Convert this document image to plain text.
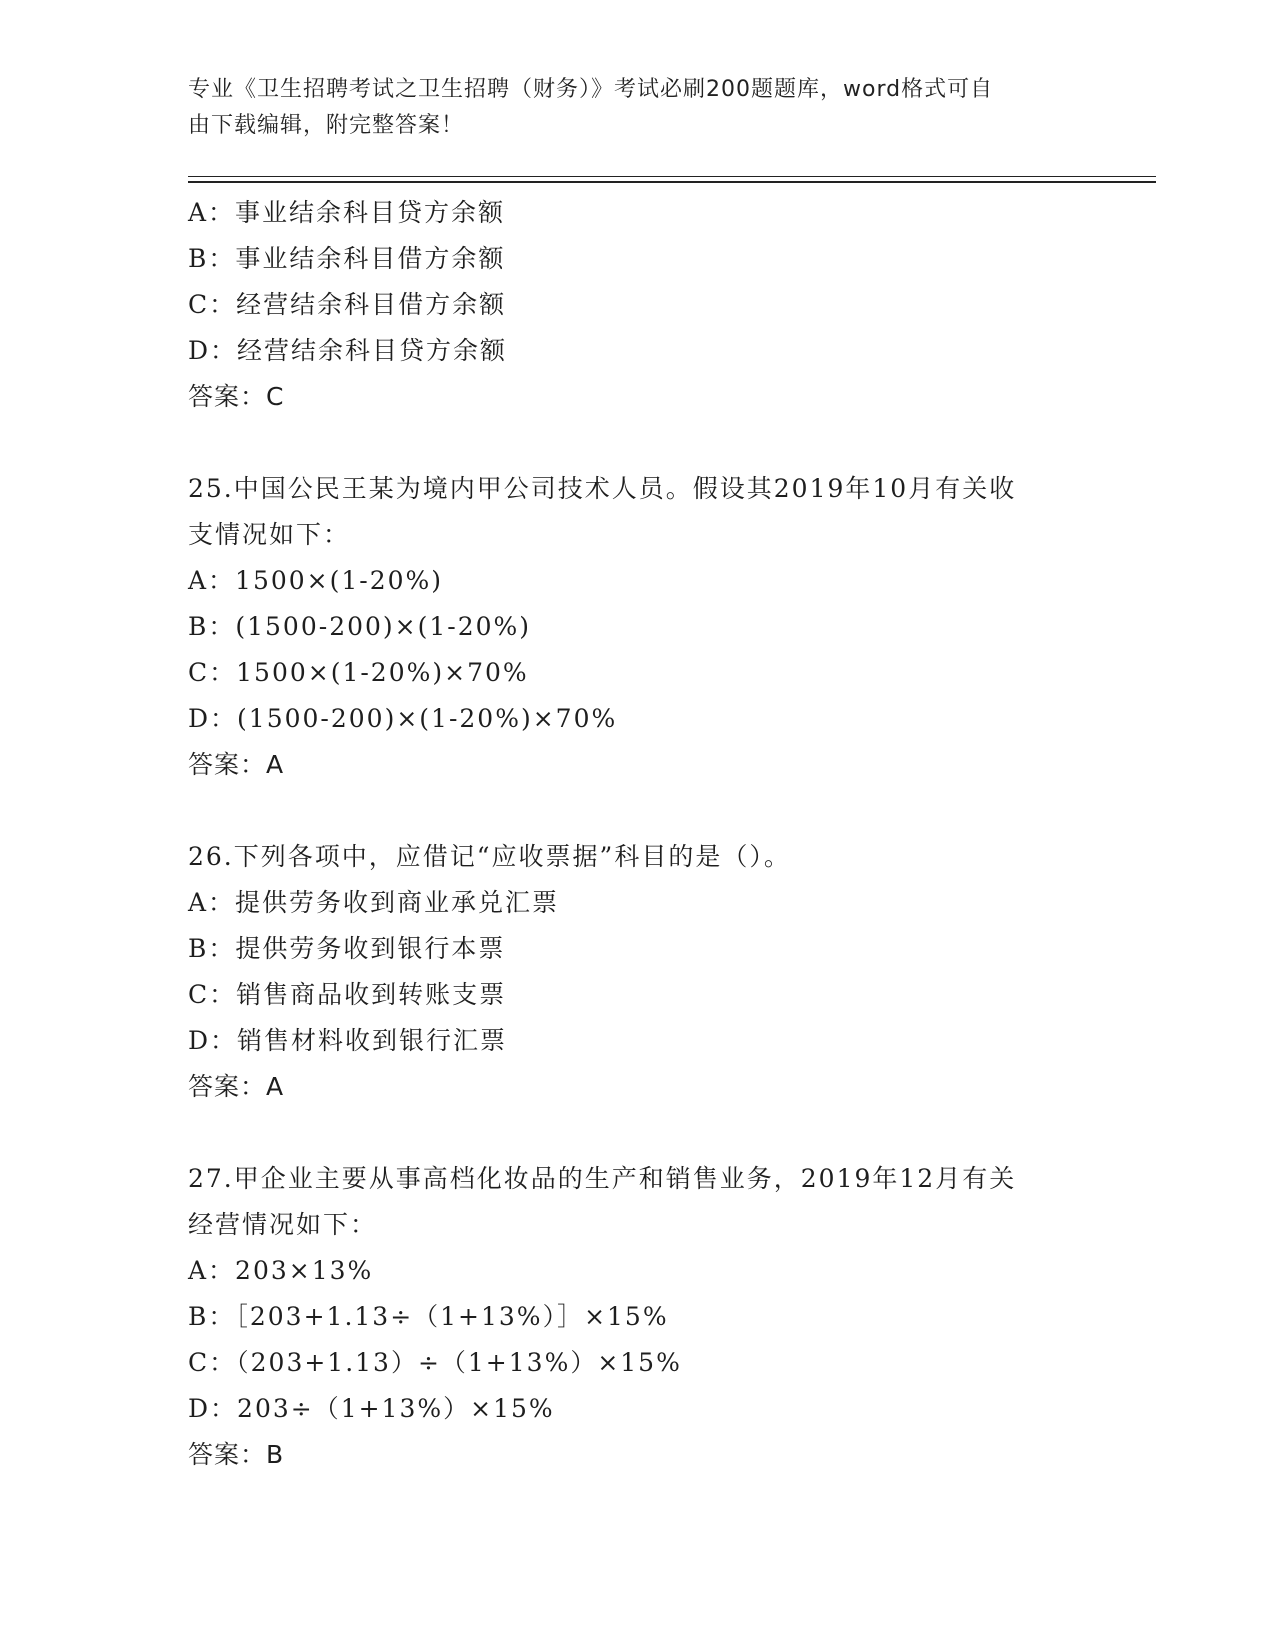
专业《卫生招聘考试之卫生招聘（财务）》考试必刷200题题库，word格式可自
由下载编辑，附完整答案！
A：事业结余科目贷方余额
B：事业结余科目借方余额
C：经营结余科目借方余额
D：经营结余科目贷方余额
答案：C
25.中国公民王某为境内甲公司技术人员。假设其2019年10月有关收
支情况如下：
A：1500×(1-20%)
B：(1500-200)×(1-20%)
C：1500×(1-20%)×70%
D：(1500-200)×(1-20%)×70%
答案：A
26.下列各项中，应借记“应收票据”科目的是（）。
A：提供劳务收到商业承兑汇票
B：提供劳务收到银行本票
C：销售商品收到转账支票
D：销售材料收到银行汇票
答案：A
27.甲企业主要从事高档化妆品的生产和销售业务，2019年12月有关
经营情况如下：
A：203×13%
B：［203+1.13÷（1+13%）］×15%
C：（203+1.13）÷（1+13%）×15%
D：203÷（1+13%）×15%
答案：B
